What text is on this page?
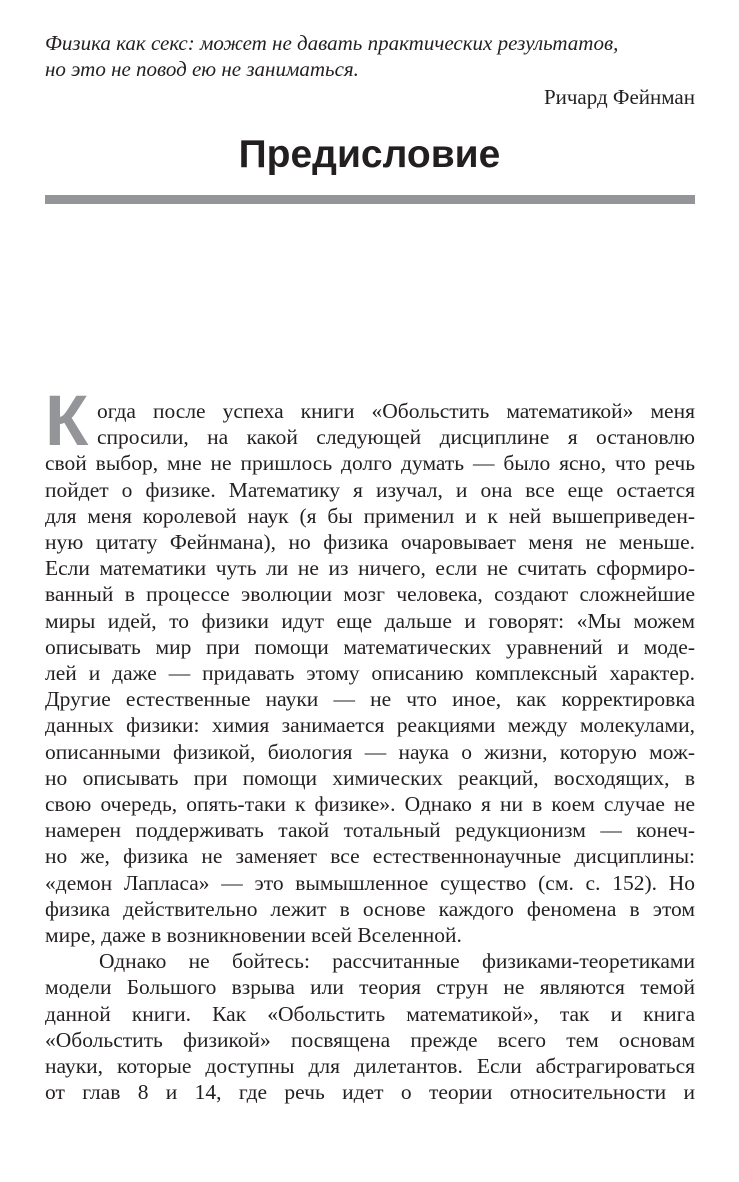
Физика как секс: может не давать практических результатов,
но это не повод ею не заниматься.
Ричард Фейнман
Предисловие
К огда после успеха книги «Обольстить математикой» меня
спросили, на какой следующей дисциплине я остановлю
свой выбор, мне не пришлось долго думать — было ясно, что речь
пойдет о физике. Математику я изучал, и она все еще остается
для меня королевой наук (я бы применил и к ней вышеприведен-
ную цитату Фейнмана), но физика очаровывает меня не меньше.
Если математики чуть ли не из ничего, если не считать сформиро-
ванный в процессе эволюции мозг человека, создают сложнейшие
миры идей, то физики идут еще дальше и говорят: «Мы можем
описывать мир при помощи математических уравнений и моде-
лей и даже — придавать этому описанию комплексный характер.
Другие естественные науки — не что иное, как корректировка
данных физики: химия занимается реакциями между молекулами,
описанными физикой, биология — наука о жизни, которую мож-
но описывать при помощи химических реакций, восходящих, в
свою очередь, опять-таки к физике». Однако я ни в коем случае не
намерен поддерживать такой тотальный редукционизм — конеч-
но же, физика не заменяет все естественнонаучные дисциплины:
«демон Лапласа» — это вымышленное существо (см. с. 152). Но
физика действительно лежит в основе каждого феномена в этом
мире, даже в возникновении всей Вселенной.
Однако не бойтесь: рассчитанные физиками-теоретиками
модели Большого взрыва или теория струн не являются темой
данной книги. Как «Обольстить математикой», так и книга
«Обольстить физикой» посвящена прежде всего тем основам
науки, которые доступны для дилетантов. Если абстрагироваться
от глав 8 и 14, где речь идет о теории относительности и
